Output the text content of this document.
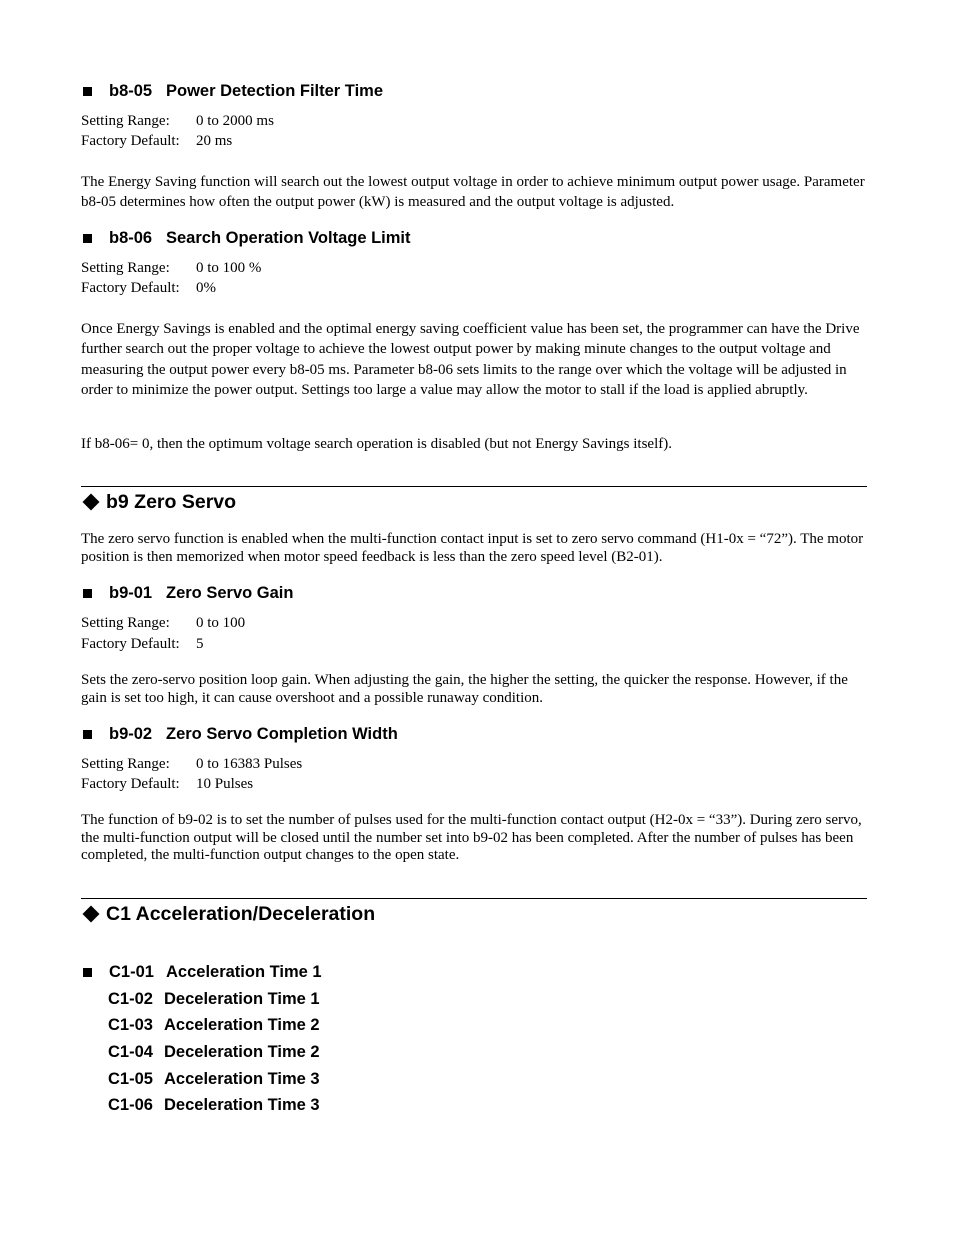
b8-05 Power Detection Filter Time
Setting Range: 0 to 2000 ms
Factory Default: 20 ms
The Energy Saving function will search out the lowest output voltage in order to achieve minimum output power usage. Parameter b8-05 determines how often the output power (kW) is measured and the output voltage is adjusted.
b8-06 Search Operation Voltage Limit
Setting Range: 0 to 100 %
Factory Default: 0%
Once Energy Savings is enabled and the optimal energy saving coefficient value has been set, the programmer can have the Drive further search out the proper voltage to achieve the lowest output power by making minute changes to the output voltage and measuring the output power every b8-05 ms. Parameter b8-06 sets limits to the range over which the voltage will be adjusted in order to minimize the power output. Settings too large a value may allow the motor to stall if the load is applied abruptly.
If b8-06= 0, then the optimum voltage search operation is disabled (but not Energy Savings itself).
b9 Zero Servo
The zero servo function is enabled when the multi-function contact input is set to zero servo command (H1-0x = “72”). The motor position is then memorized when motor speed feedback is less than the zero speed level (B2-01).
b9-01 Zero Servo Gain
Setting Range: 0 to 100
Factory Default: 5
Sets the zero-servo position loop gain. When adjusting the gain, the higher the setting, the quicker the response. However, if the gain is set too high, it can cause overshoot and a possible runaway condition.
b9-02 Zero Servo Completion Width
Setting Range: 0 to 16383 Pulses
Factory Default: 10 Pulses
The function of b9-02 is to set the number of pulses used for the multi-function contact output (H2-0x = “33”). During zero servo, the multi-function output will be closed until the number set into b9-02 has been completed. After the number of pulses has been completed, the multi-function output changes to the open state.
C1 Acceleration/Deceleration
C1-01 Acceleration Time 1
C1-02 Deceleration Time 1
C1-03 Acceleration Time 2
C1-04 Deceleration Time 2
C1-05 Acceleration Time 3
C1-06 Deceleration Time 3
